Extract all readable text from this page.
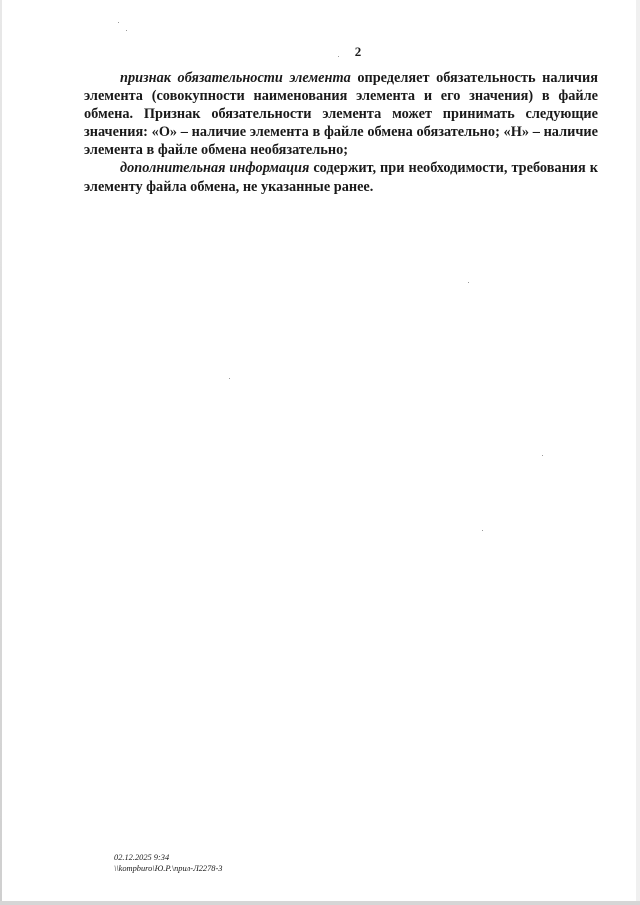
2

признак обязательности элемента определяет обязательность наличия элемента (совокупности наименования элемента и его значения) в файле обмена. Признак обязательности элемента может принимать следующие значения: «О» – наличие элемента в файле обмена обязательно; «Н» – наличие элемента в файле обмена необязательно;

дополнительная информация содержит, при необходимости, требования к элементу файла обмена, не указанные ранее.

02.12.2025 9:34
\\kompburo\Ю.Р.\прил-Л2278-3
